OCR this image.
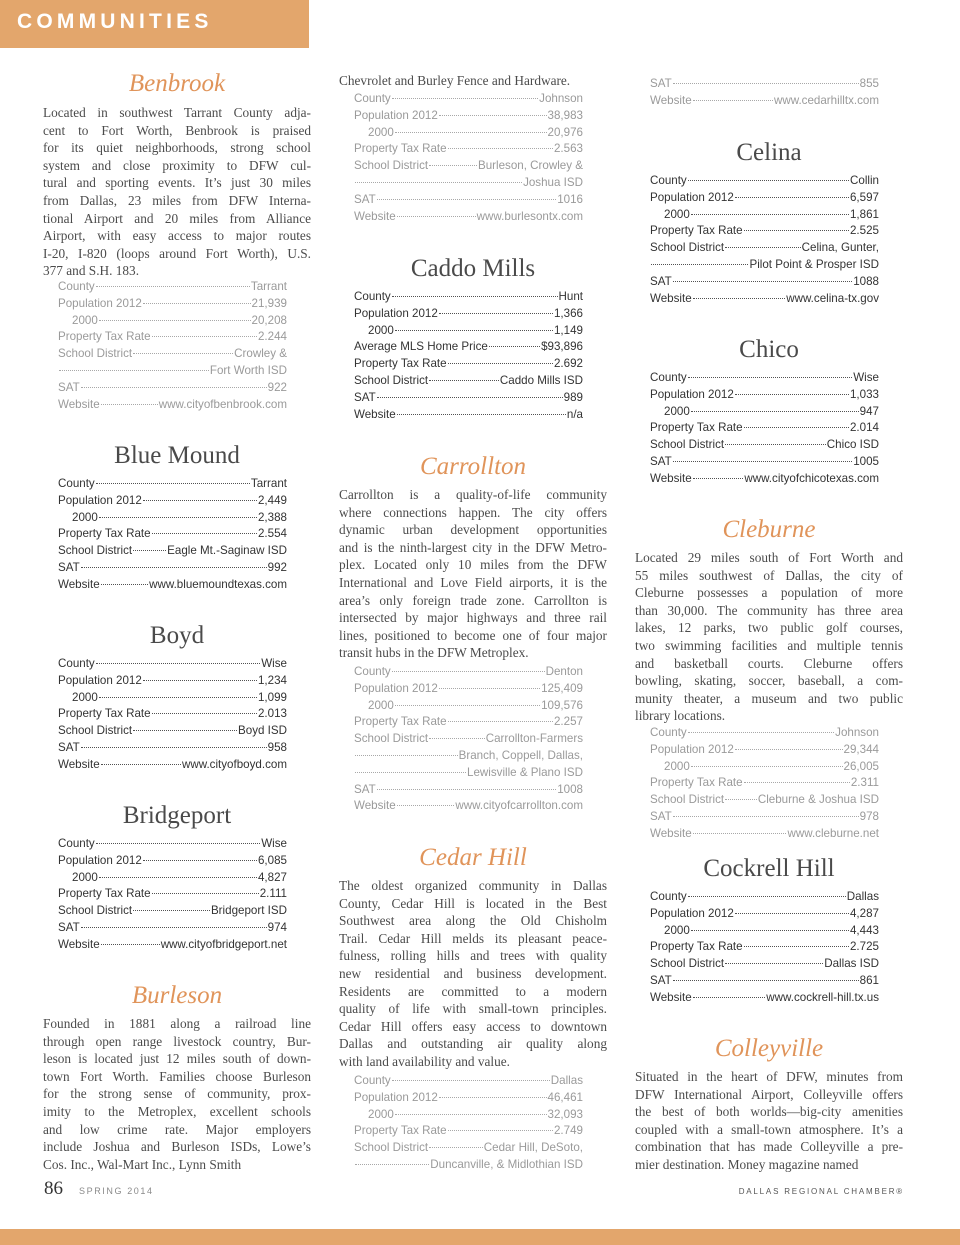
COMMUNITIES
Benbrook
Located in southwest Tarrant County adja-
cent to Fort Worth, Benbrook is praised
for its quiet neighborhoods, strong school
system and close proximity to DFW cul-
tural and sporting events. It’s just 30 miles
from Dallas, 23 miles from DFW Interna-
tional Airport and 20 miles from Alliance
Airport, with easy access to major routes
I-20, I-820 (loops around Fort Worth), U.S.
377 and S.H. 183.
County	Tarrant
Population 2012	21,939
2000	20,208
Property Tax Rate	2.244
School District	Crowley &
Fort Worth ISD
SAT	922
Website	www.cityofbenbrook.com
Blue Mound
County	Tarrant
Population 2012	2,449
2000	2,388
Property Tax Rate	2.554
School District	Eagle Mt.-Saginaw ISD
SAT	992
Website	www.bluemoundtexas.com
Boyd
County	Wise
Population 2012	1,234
2000	1,099
Property Tax Rate	2.013
School District	Boyd ISD
SAT	958
Website	www.cityofboyd.com
Bridgeport
County	Wise
Population 2012	6,085
2000	4,827
Property Tax Rate	2.111
School District	Bridgeport ISD
SAT	974
Website	www.cityofbridgeport.net
Burleson
Founded in 1881 along a railroad line
through open range livestock country, Bur-
leson is located just 12 miles south of down-
town Fort Worth. Families choose Burleson
for the strong sense of community, prox-
imity to the Metroplex, excellent schools
and low crime rate. Major employers
include Joshua and Burleson ISDs, Lowe’s
Cos. Inc., Wal-Mart Inc., Lynn Smith
Chevrolet and Burley Fence and Hardware.
County	Johnson
Population 2012	38,983
2000	20,976
Property Tax Rate	2.563
School District	Burleson, Crowley &
Joshua ISD
SAT	1016
Website	www.burlesontx.com
Caddo Mills
County	Hunt
Population 2012	1,366
2000	1,149
Average MLS Home Price	$93,896
Property Tax Rate	2.692
School District	Caddo Mills ISD
SAT	989
Website	n/a
Carrollton
Carrollton is a quality-of-life community
where connections happen. The city offers
dynamic urban development opportunities
and is the ninth-largest city in the DFW Metro-
plex. Located only 10 miles from the DFW
International and Love Field airports, it is the
area’s only foreign trade zone. Carrollton is
intersected by major highways and three rail
lines, positioned to become one of four major
transit hubs in the DFW Metroplex.
County	Denton
Population 2012	125,409
2000	109,576
Property Tax Rate	2.257
School District	Carrollton-Farmers
Branch, Coppell, Dallas,
Lewisville & Plano ISD
SAT	1008
Website	www.cityofcarrollton.com
Cedar Hill
The oldest organized community in Dallas
County, Cedar Hill is located in the Best
Southwest area along the Old Chisholm
Trail. Cedar Hill melds its pleasant peace-
fulness, rolling hills and trees with quality
new residential and business development.
Residents are committed to a modern
quality of life with small-town principles.
Cedar Hill offers easy access to downtown
Dallas and outstanding air quality along
with land availability and value.
County	Dallas
Population 2012	46,461
2000	32,093
Property Tax Rate	2.749
School District	Cedar Hill, DeSoto,
Duncanville, & Midlothian ISD
SAT	855
Website	www.cedarhilltx.com
Celina
County	Collin
Population 2012	6,597
2000	1,861
Property Tax Rate	2.525
School District	Celina, Gunter,
Pilot Point & Prosper ISD
SAT	1088
Website	www.celina-tx.gov
Chico
County	Wise
Population 2012	1,033
2000	947
Property Tax Rate	2.014
School District	Chico ISD
SAT	1005
Website	www.cityofchicotexas.com
Cleburne
Located 29 miles south of Fort Worth and
55 miles southwest of Dallas, the city of
Cleburne possesses a population of more
than 30,000. The community has three area
lakes, 12 parks, two public golf courses,
two swimming facilities and multiple tennis
and basketball courts. Cleburne offers
bowling, skating, soccer, baseball, a com-
munity theater, a museum and two public
library locations.
County	Johnson
Population 2012	29,344
2000	26,005
Property Tax Rate	2.311
School District	Cleburne & Joshua ISD
SAT	978
Website	www.cleburne.net
Cockrell Hill
County	Dallas
Population 2012	4,287
2000	4,443
Property Tax Rate	2.725
School District	Dallas ISD
SAT	861
Website	www.cockrell-hill.tx.us
Colleyville
Situated in the heart of DFW, minutes from
DFW International Airport, Colleyville offers
the best of both worlds—big-city amenities
coupled with a small-town atmosphere. It’s a
combination that has made Colleyville a pre-
mier destination. Money magazine named
86 SPRING 2014	DALLAS REGIONAL CHAMBER®
